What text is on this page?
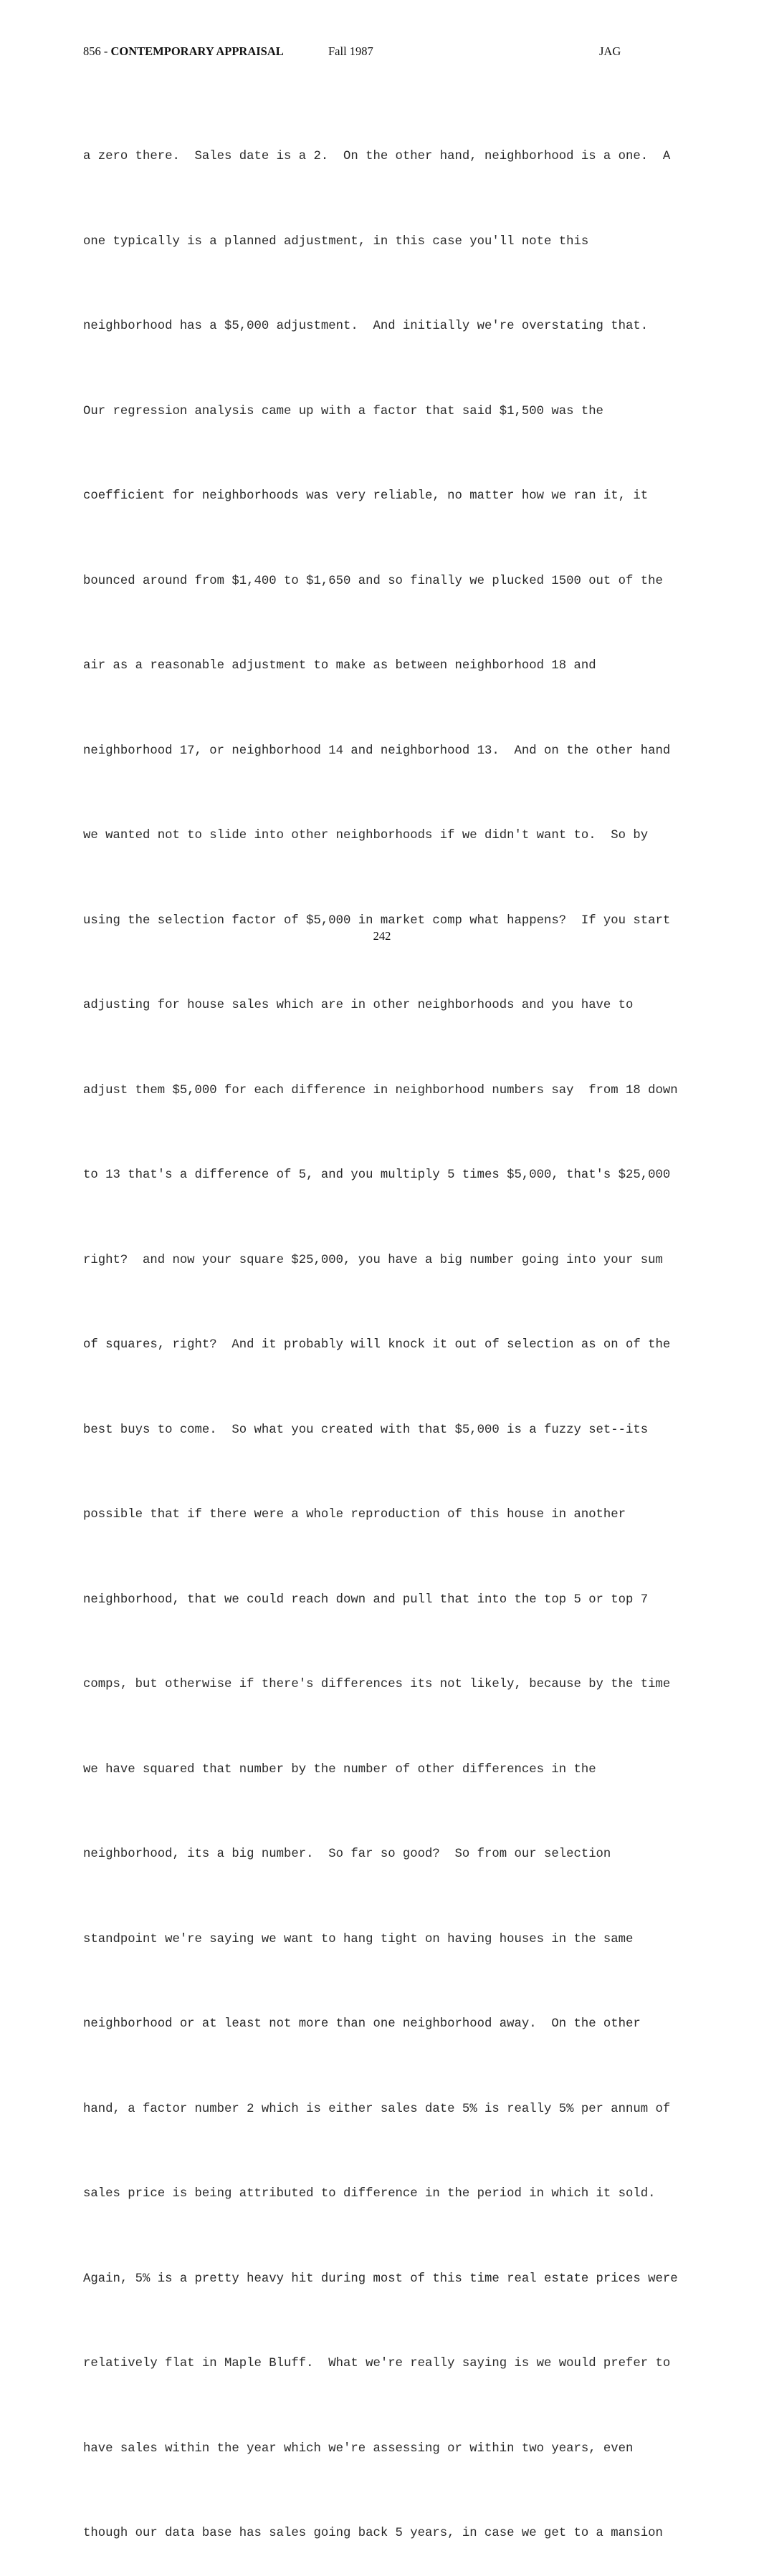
856 - CONTEMPORARY APPRAISAL	Fall 1987	JAG

a zero there.  Sales date is a 2.  On the other hand, neighborhood is a one.  A

one typically is a planned adjustment, in this case you'll note this

neighborhood has a $5,000 adjustment.  And initially we're overstating that.

Our regression analysis came up with a factor that said $1,500 was the

coefficient for neighborhoods was very reliable, no matter how we ran it, it

bounced around from $1,400 to $1,650 and so finally we plucked 1500 out of the

air as a reasonable adjustment to make as between neighborhood 18 and

neighborhood 17, or neighborhood 14 and neighborhood 13.  And on the other hand

we wanted not to slide into other neighborhoods if we didn't want to.  So by

using the selection factor of $5,000 in market comp what happens?  If you start

adjusting for house sales which are in other neighborhoods and you have to

adjust them $5,000 for each difference in neighborhood numbers say  from 18 down

to 13 that's a difference of 5, and you multiply 5 times $5,000, that's $25,000

right?  and now your square $25,000, you have a big number going into your sum

of squares, right?  And it probably will knock it out of selection as on of the

best buys to come.  So what you created with that $5,000 is a fuzzy set--its

possible that if there were a whole reproduction of this house in another

neighborhood, that we could reach down and pull that into the top 5 or top 7

comps, but otherwise if there's differences its not likely, because by the time

we have squared that number by the number of other differences in the

neighborhood, its a big number.  So far so good?  So from our selection

standpoint we're saying we want to hang tight on having houses in the same

neighborhood or at least not more than one neighborhood away.  On the other

hand, a factor number 2 which is either sales date 5% is really 5% per annum of

sales price is being attributed to difference in the period in which it sold.

Again, 5% is a pretty heavy hit during most of this time real estate prices were

relatively flat in Maple Bluff.  What we're really saying is we would prefer to

have sales within the year which we're assessing or within two years, even

though our data base has sales going back 5 years, in case we get to a mansion

242
